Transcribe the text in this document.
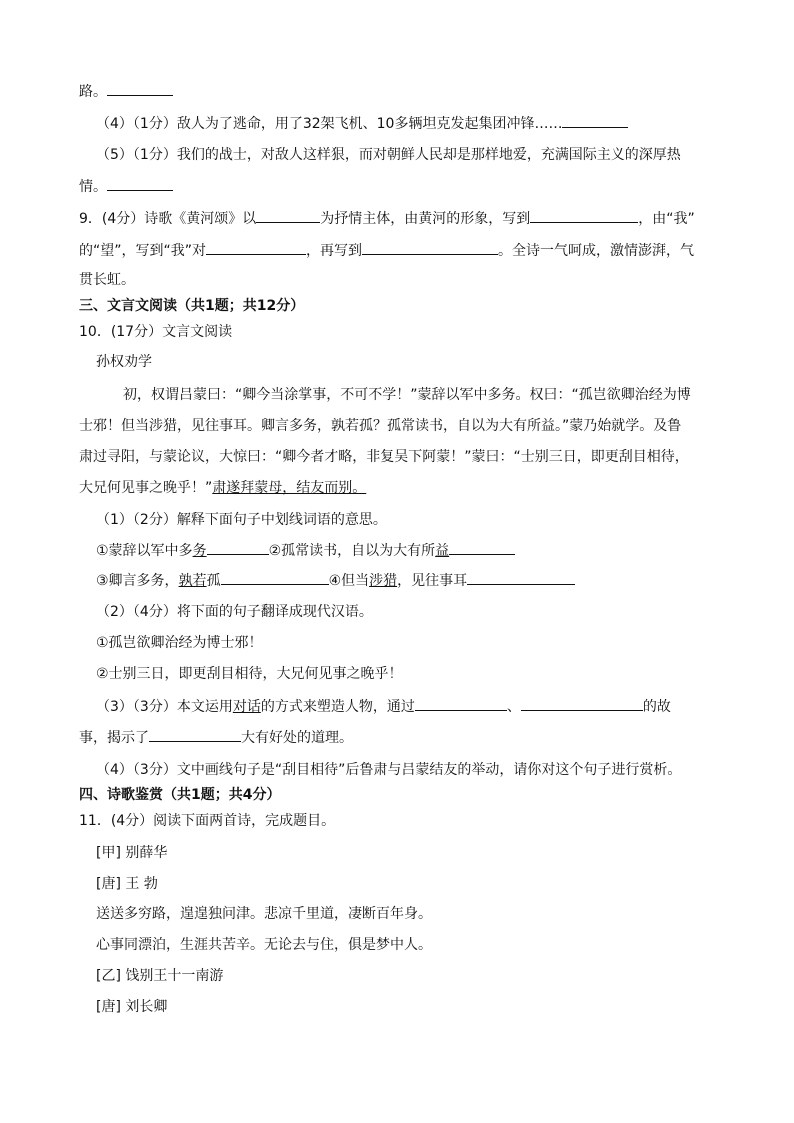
路。
（4）（1分）敌人为了逃命，用了32架飞机、10多辆坦克发起集团冲锋……
（5）（1分）我们的战士，对敌人这样狠，而对朝鲜人民却是那样地爱，充满国际主义的深厚热
情。
9．(4分）诗歌《黄河颂》以	为抒情主体，由黄河的形象，写到	，由“我”
的“望”，写到“我”对	，再写到	。全诗一气呵成，激情澎湃，气
贯长虹。
三、文言文阅读（共1题；共12分）
10．(17分）文言文阅读
孙权劝学
初，权谓吕蒙曰：“卿今当涂掌事，不可不学！”蒙辞以军中多务。权曰：“孤岂欲卿治经为博
士邪！但当涉猎，见往事耳。卿言多务，孰若孤？孤常读书，自以为大有所益。”蒙乃始就学。及鲁
肃过寻阳，与蒙论议，大惊曰：“卿今者才略，非复吴下阿蒙！”蒙曰：“士别三日，即更刮目相待，
大兄何见事之晚乎！”肃遂拜蒙母，结友而别。
（1）（2分）解释下面句子中划线词语的意思。
①蒙辞以军中多务	②孤常读书，自以为大有所益
③卿言多务，孰若孤	④但当涉猎，见往事耳
（2）（4分）将下面的句子翻译成现代汉语。
①孤岂欲卿治经为博士邪！
②士别三日，即更刮目相待，大兄何见事之晚乎！
（3）（3分）本文运用对话的方式来塑造人物，通过	、	的故
事，揭示了	大有好处的道理。
（4）（3分）文中画线句子是“刮目相待”后鲁肃与吕蒙结友的举动，请你对这个句子进行赏析。
四、诗歌鉴赏（共1题；共4分）
11．(4分）阅读下面两首诗，完成题目。
[甲] 别薛华
[唐] 王 勃
送送多穷路，遑遑独问津。悲凉千里道，凄断百年身。
心事同漂泊，生涯共苦辛。无论去与住，俱是梦中人。
[乙] 饯别王十一南游
[唐] 刘长卿
